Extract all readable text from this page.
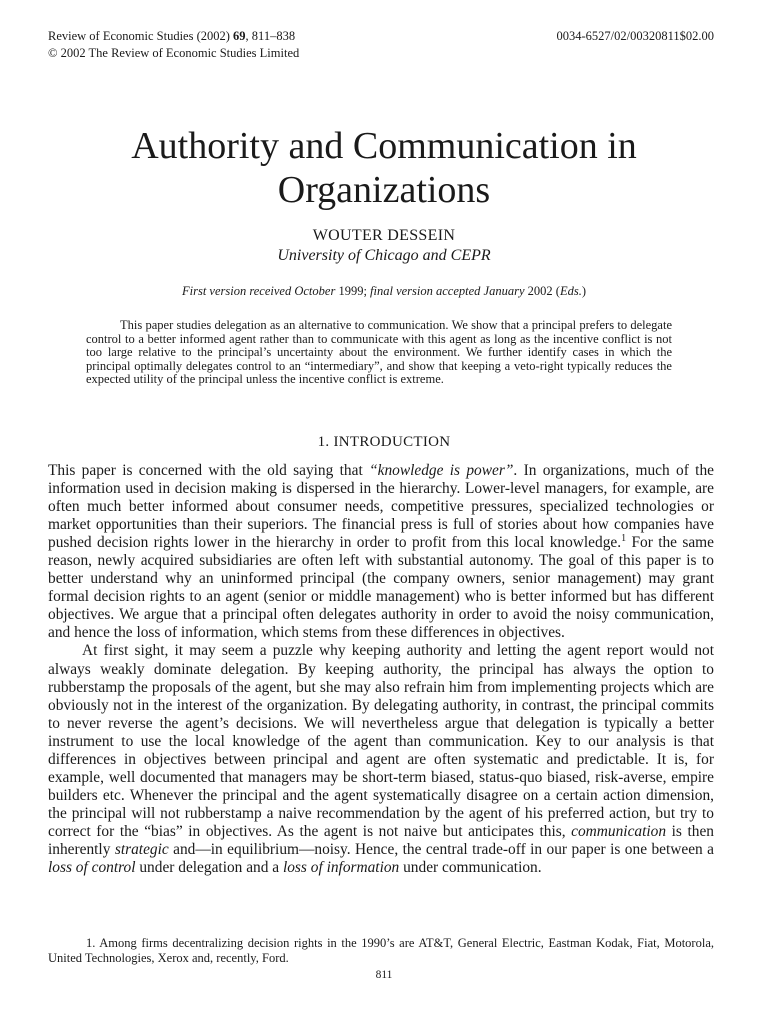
Review of Economic Studies (2002) 69, 811–838
© 2002 The Review of Economic Studies Limited
0034-6527/02/00320811$02.00
Authority and Communication in Organizations
WOUTER DESSEIN
University of Chicago and CEPR
First version received October 1999; final version accepted January 2002 (Eds.)

This paper studies delegation as an alternative to communication. We show that a principal prefers to delegate control to a better informed agent rather than to communicate with this agent as long as the incentive conflict is not too large relative to the principal’s uncertainty about the environment. We further identify cases in which the principal optimally delegates control to an “intermediary”, and show that keeping a veto-right typically reduces the expected utility of the principal unless the incentive conflict is extreme.

1. INTRODUCTION

This paper is concerned with the old saying that “knowledge is power”. In organizations, much of the information used in decision making is dispersed in the hierarchy. Lower-level managers, for example, are often much better informed about consumer needs, competitive pressures, specialized technologies or market opportunities than their superiors. The financial press is full of stories about how companies have pushed decision rights lower in the hierarchy in order to profit from this local knowledge.$^1$ For the same reason, newly acquired subsidiaries are often left with substantial autonomy. The goal of this paper is to better understand why an uninformed principal (the company owners, senior management) may grant formal decision rights to an agent (senior or middle management) who is better informed but has different objectives. We argue that a principal often delegates authority in order to avoid the noisy communication, and hence the loss of information, which stems from these differences in objectives.

At first sight, it may seem a puzzle why keeping authority and letting the agent report would not always weakly dominate delegation. By keeping authority, the principal has always the option to rubberstamp the proposals of the agent, but she may also refrain him from implementing projects which are obviously not in the interest of the organization. By delegating authority, in contrast, the principal commits to never reverse the agent’s decisions. We will nevertheless argue that delegation is typically a better instrument to use the local knowledge of the agent than communication. Key to our analysis is that differences in objectives between principal and agent are often systematic and predictable. It is, for example, well documented that managers may be short-term biased, status-quo biased, risk-averse, empire builders etc. Whenever the principal and the agent systematically disagree on a certain action dimension, the principal will not rubberstamp a naive recommendation by the agent of his preferred action, but try to correct for the “bias” in objectives. As the agent is not naive but anticipates this, communication is then inherently strategic and—in equilibrium—noisy. Hence, the central trade-off in our paper is one between a loss of control under delegation and a loss of information under communication.

1. Among firms decentralizing decision rights in the 1990’s are AT&T, General Electric, Eastman Kodak, Fiat, Motorola, United Technologies, Xerox and, recently, Ford.

811
